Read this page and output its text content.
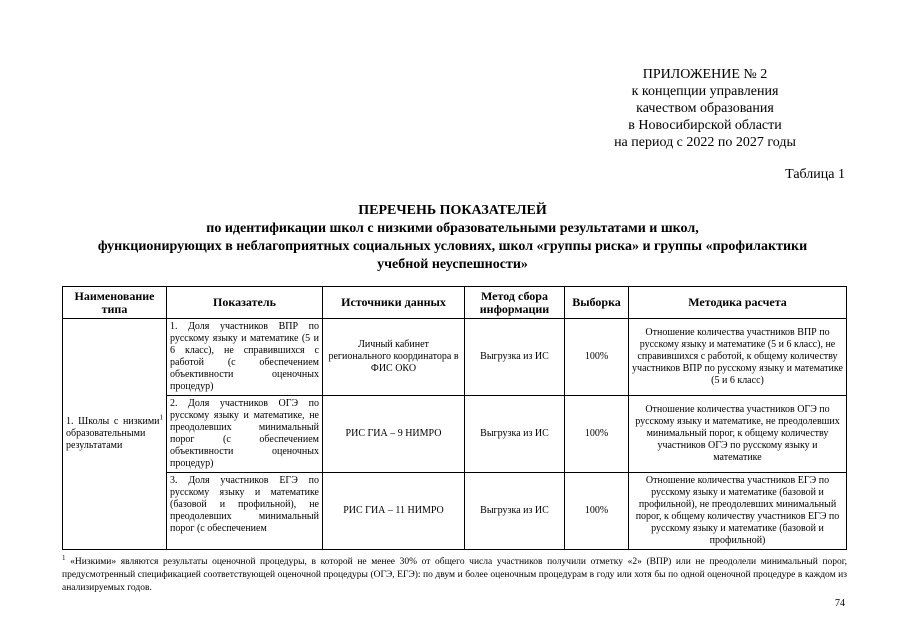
ПРИЛОЖЕНИЕ № 2
к концепции управления
качеством образования
в Новосибирской области
на период с 2022 по 2027 годы
Таблица 1
ПЕРЕЧЕНЬ ПОКАЗАТЕЛЕЙ
по идентификации школ с низкими образовательными результатами и школ,
функционирующих в неблагоприятных социальных условиях, школ «группы риска» и группы «профилактики
учебной неуспешности»
Наименование типа	Показатель	Источники данных	Метод сбора информации	Выборка	Методика расчета
1. Школы с низкими$^1$ образовательными результатами	1. Доля участников ВПР по русскому языку и математике (5 и 6 класс), не справившихся с работой (с обеспечением объективности оценочных процедур)	Личный кабинет регионального координатора в ФИС ОКО	Выгрузка из ИС	100%	Отношение количества участников ВПР по русскому языку и математике (5 и 6 класс), не справившихся с работой, к общему количеству участников ВПР по русскому языку и математике (5 и 6 класс)
	2. Доля участников ОГЭ по русскому языку и математике, не преодолевших минимальный порог (с обеспечением объективности оценочных процедур)	РИС ГИА – 9 НИМРО	Выгрузка из ИС	100%	Отношение количества участников ОГЭ по русскому языку и математике, не преодолевших минимальный порог, к общему количеству участников ОГЭ по русскому языку и математике

	3. Доля участников ЕГЭ по русскому языку и математике (базовой и профильной), не преодолевших минимальный порог (с обеспечением	РИС ГИА – 11 НИМРО	Выгрузка из ИС	100%	Отношение количества участников ЕГЭ по русскому языку и математике (базовой и профильной), не преодолевших минимальный порог, к общему количеству участников ЕГЭ по русскому языку и математике (базовой и профильной)
$^1$ «Низкими» являются результаты оценочной процедуры, в которой не менее 30% от общего числа участников получили отметку «2» (ВПР) или не преодолели минимальный порог, предусмотренный спецификацией соответствующей оценочной процедуры (ОГЭ, ЕГЭ): по двум и более оценочным процедурам в году или хотя бы по одной оценочной процедуре в каждом из анализируемых годов.
74
